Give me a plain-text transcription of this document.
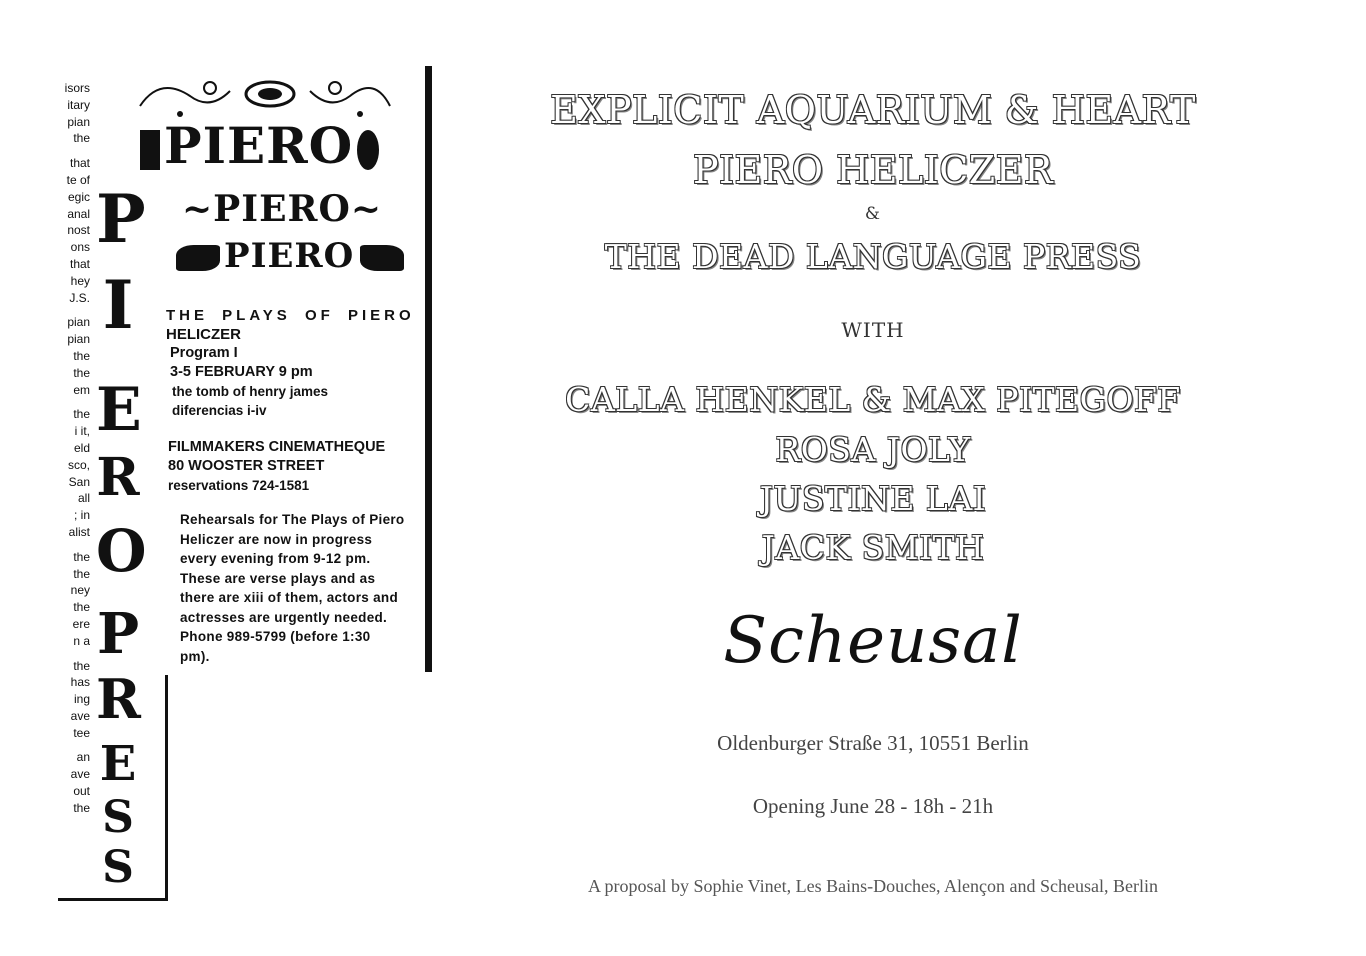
isors
itary
pian
the
that
te of
egic
anal
nost
ons
that
hey
J.S.
pian
pian
the
the
em
the
i it,
eld
sco,
San
all
; in
alist
the
the
ney
the
ere
n a
the
has
ing
ave
tee
an
ave
out
the
PIERO
~PIERO~
PIERO
P
I
E
R
O
P
R
E
S
S
THE PLAYS OF PIERO
HELICZER
Program I
3-5 FEBRUARY 9 pm
the tomb of henry james
diferencias i-iv
FILMMAKERS CINEMATHEQUE
80 WOOSTER STREET
reservations 724-1581
Rehearsals for The Plays of Piero
Heliczer are now in progress
every evening from 9-12 pm.
These are verse plays and as
there are xiii of them, actors and
actresses are urgently needed.
Phone 989-5799 (before 1:30
pm).
EXPLICIT AQUARIUM & HEART
PIERO HELICZER
&
THE DEAD LANGUAGE PRESS
WITH
CALLA HENKEL & MAX PITEGOFF
ROSA JOLY
JUSTINE LAI
JACK SMITH
Scheusal
Oldenburger Straße 31, 10551 Berlin
Opening June 28 - 18h - 21h
A proposal by Sophie Vinet, Les Bains-Douches, Alençon and Scheusal, Berlin
